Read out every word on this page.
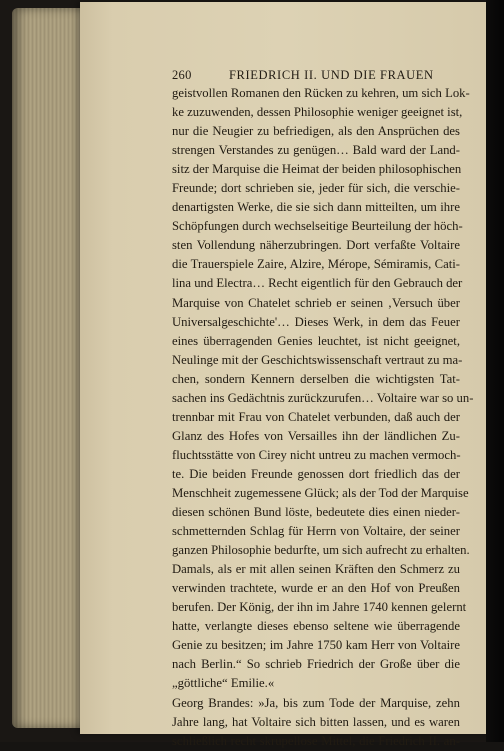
260	FRIEDRICH II. UND DIE FRAUEN
geistvollen Romanen den Rücken zu kehren, um sich Lok-
ke zuzuwenden, dessen Philosophie weniger geeignet ist,
nur die Neugier zu befriedigen, als den Ansprüchen des
strengen Verstandes zu genügen… Bald ward der Land-
sitz der Marquise die Heimat der beiden philosophischen
Freunde; dort schrieben sie, jeder für sich, die verschie-
denartigsten Werke, die sie sich dann mitteilten, um ihre
Schöpfungen durch wechselseitige Beurteilung der höch-
sten Vollendung näherzubringen. Dort verfaßte Voltaire
die Trauerspiele Zaire, Alzire, Mérope, Sémiramis, Cati-
lina und Electra… Recht eigentlich für den Gebrauch der
Marquise von Chatelet schrieb er seinen ‚Versuch über
Universalgeschichte'… Dieses Werk, in dem das Feuer
eines überragenden Genies leuchtet, ist nicht geeignet,
Neulinge mit der Geschichtswissenschaft vertraut zu ma-
chen, sondern Kennern derselben die wichtigsten Tat-
sachen ins Gedächtnis zurückzurufen… Voltaire war so un-
trennbar mit Frau von Chatelet verbunden, daß auch der
Glanz des Hofes von Versailles ihn der ländlichen Zu-
fluchtsstätte von Cirey nicht untreu zu machen vermoch-
te. Die beiden Freunde genossen dort friedlich das der
Menschheit zugemessene Glück; als der Tod der Marquise
diesen schönen Bund löste, bedeutete dies einen nieder-
schmetternden Schlag für Herrn von Voltaire, der seiner
ganzen Philosophie bedurfte, um sich aufrecht zu erhalten.
Damals, als er mit allen seinen Kräften den Schmerz zu
verwinden trachtete, wurde er an den Hof von Preußen
berufen. Der König, der ihn im Jahre 1740 kennen gelernt
hatte, verlangte dieses ebenso seltene wie überragende
Genie zu besitzen; im Jahre 1750 kam Herr von Voltaire
nach Berlin.“ So schrieb Friedrich der Große über die
„göttliche“ Emilie.«
Georg Brandes: »Ja, bis zum Tode der Marquise, zehn
Jahre lang, hat Voltaire sich bitten lassen, und es waren
schließlich recht skrupellose Mittel, die Friedrich II. an-
